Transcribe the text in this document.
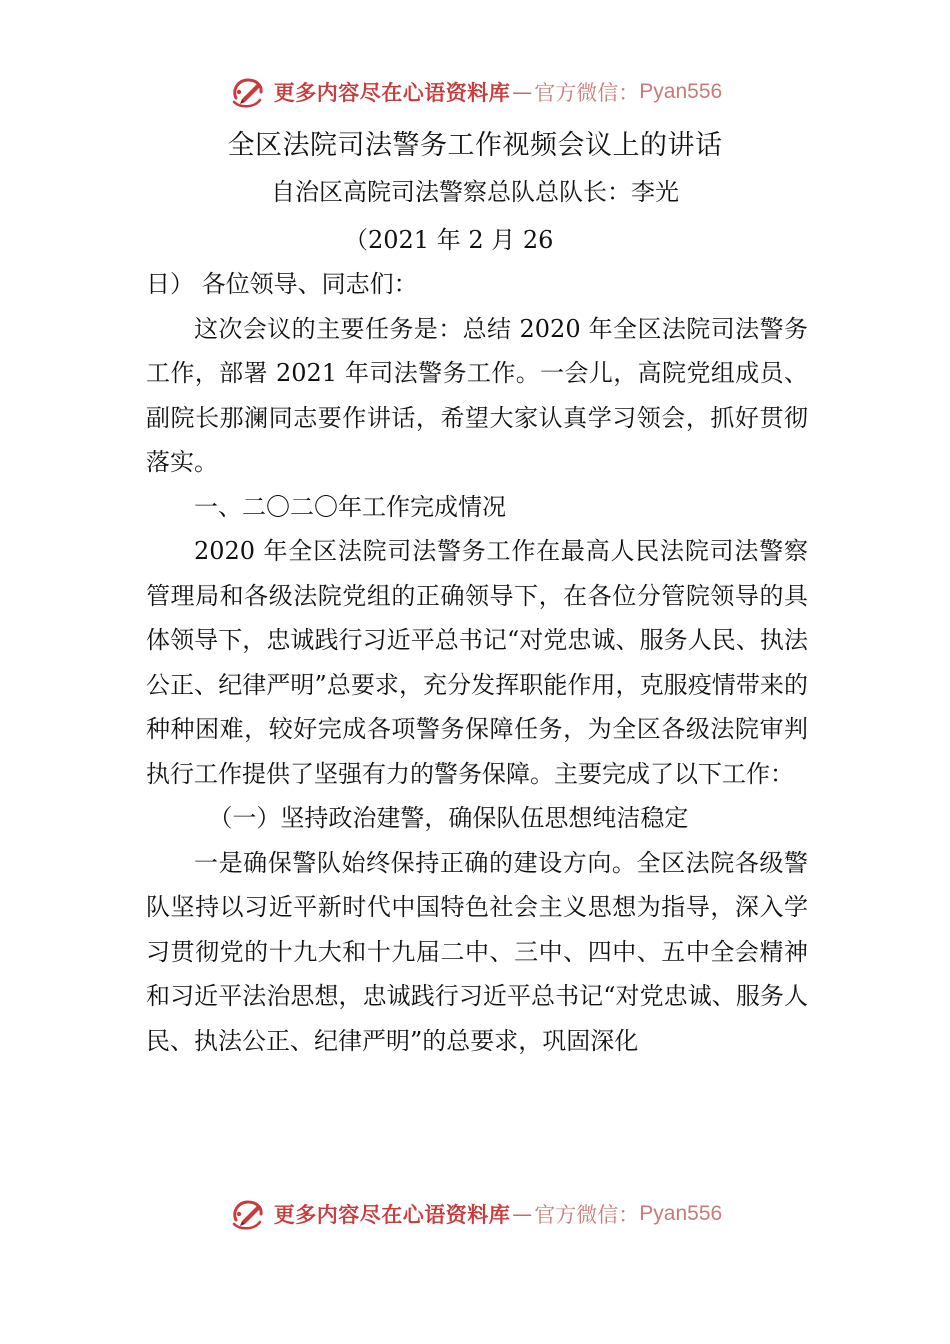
更多内容尽在心语资料库 — 官方微信： Pyan556
全区法院司法警务工作视频会议上的讲话
自治区高院司法警察总队总队长：李光
（2021 年 2 月 26

日） 各位领导、同志们：

这次会议的主要任务是：总结 2020 年全区法院司法警务工作，部署 2021 年司法警务工作。一会儿，高院党组成员、副院长那澜同志要作讲话，希望大家认真学习领会，抓好贯彻落实。

一、二〇二〇年工作完成情况

2020 年全区法院司法警务工作在最高人民法院司法警察管理局和各级法院党组的正确领导下，在各位分管院领导的具体领导下，忠诚践行习近平总书记“对党忠诚、服务人民、执法公正、纪律严明”总要求，充分发挥职能作用，克服疫情带来的种种困难，较好完成各项警务保障任务，为全区各级法院审判执行工作提供了坚强有力的警务保障。主要完成了以下工作：

（一）坚持政治建警，确保队伍思想纯洁稳定

一是确保警队始终保持正确的建设方向。全区法院各级警队坚持以习近平新时代中国特色社会主义思想为指导，深入学习贯彻党的十九大和十九届二中、三中、四中、五中全会精神和习近平法治思想，忠诚践行习近平总书记“对党忠诚、服务人民、执法公正、纪律严明”的总要求，巩固深化

更多内容尽在心语资料库 — 官方微信： Pyan556
